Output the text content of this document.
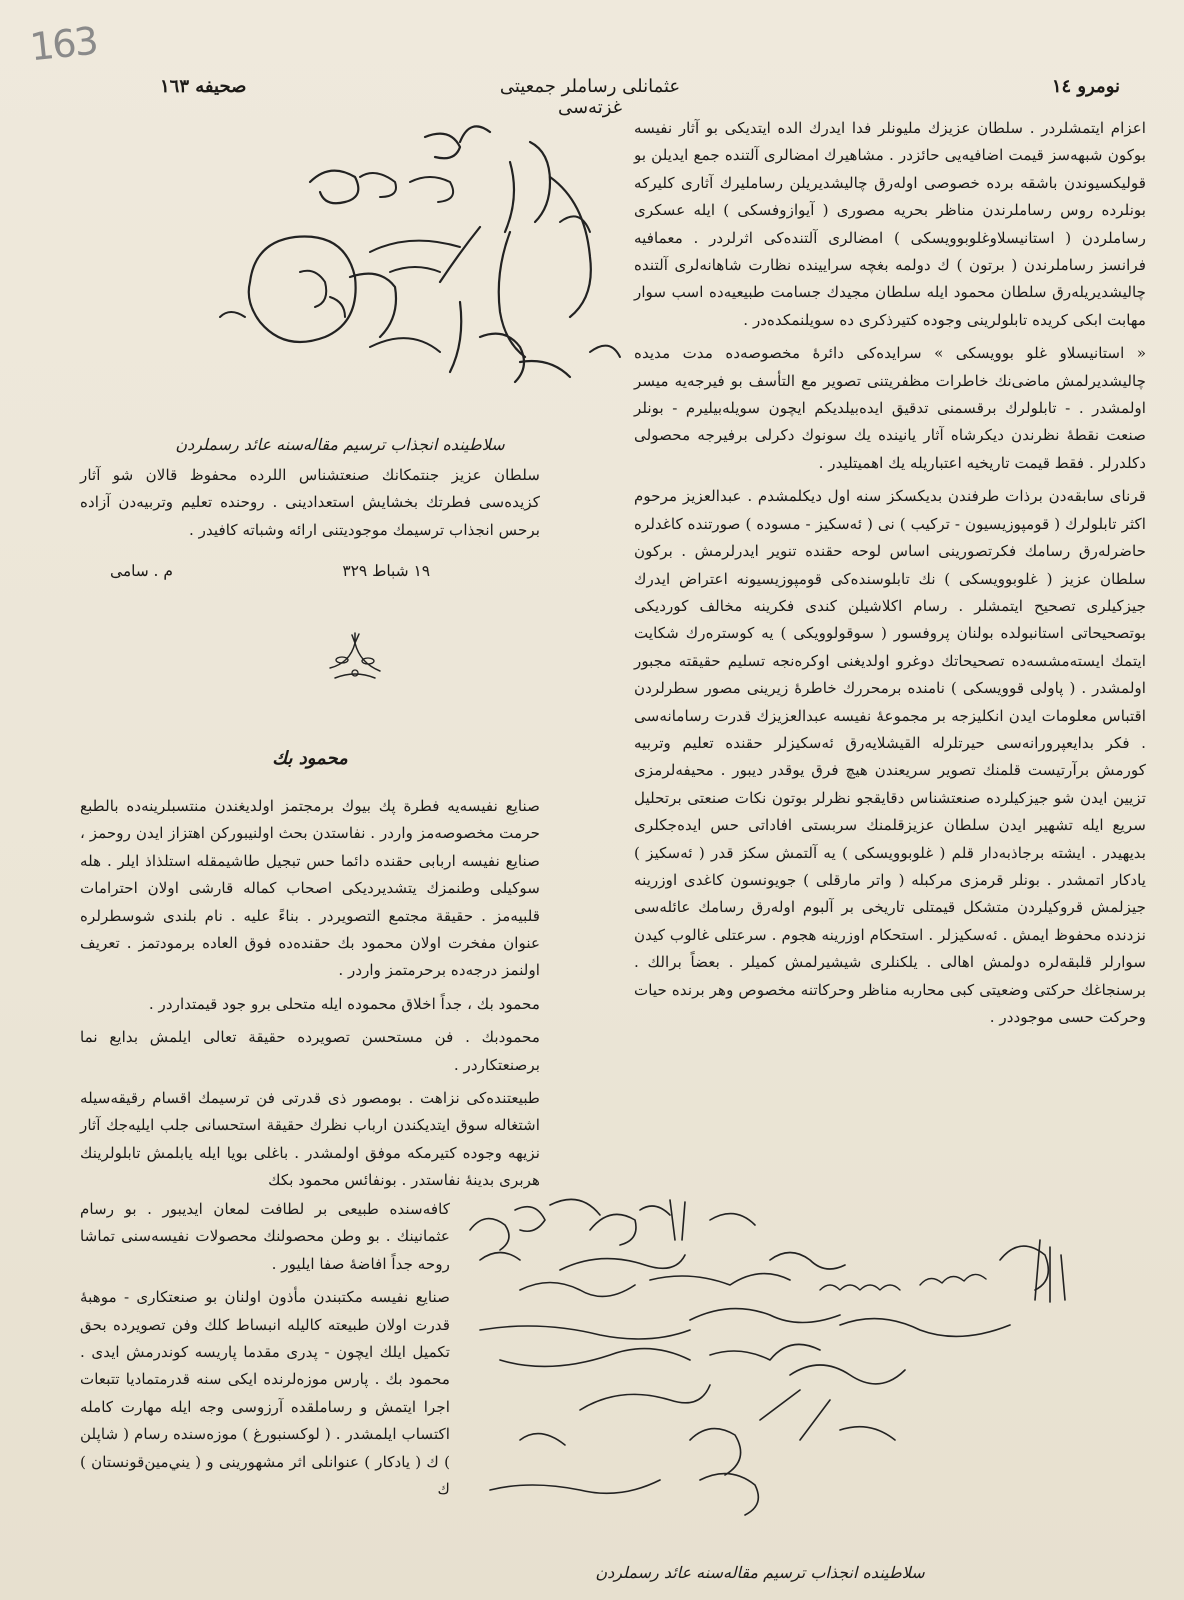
163
نومرو ١٤
عثمانلى رساملر جمعيتى غزته‌سى
صحيفه ١٦٣
سلاطينده انجذاب ترسيم مقاله‌سنه عائد رسملردن

سلطان عزيز جنتمكانك صنعتشناس اللرده محفوظ قالان شو آثار كزيده‌سى فطرتك بخشايش استعدادينى . روحنده تعليم وتربيه‌دن آزاده برحس انجذاب ترسيمك موجوديتنى ارائه وشباته كافيدر .

١٩ شباط ٣٢٩
م . سامى
محمود بك

صنايع نفيسه‌يه فطرة پك بيوك برمجتمز اولديغندن منتسبلرينه‌ده بالطبع حرمت مخصوصه‌مز واردر . نفاستدن بحث اولنيبوركن اهتزاز ايدن روحمز ، صنايع نفيسه اربابى حقنده دائما حس تبجيل طاشيمقله استلذاذ ايلر . هله سوكيلى وطنمزك يتشديرديكى اصحاب كماله قارشى اولان احترامات قلبيه‌مز . حقيقة مجتمع التصويردر . بناءً عليه . نام بلندى شوسطرلره عنوان مفخرت اولان محمود بك حقنده‌ده فوق العاده برمودتمز . تعريف اولنمز درجه‌ده برحرمتمز واردر .

محمود بك ، جداً اخلاق محموده ايله متحلى برو جود قيمتداردر .

محمودبك . فن مستحسن تصويرده حقيقة تعالى ايلمش بدايع نما برصنعتكاردر .

طبيعتنده‌كى نزاهت . بومصور ذى قدرتى فن ترسيمك اقسام رقيقه‌سيله اشتغاله سوق ايتديكندن ارباب نظرك حقيقة استحسانى جلب ايليه‌جك آثار نزيهه وجوده كتيرمكه موفق اولمشدر . باغلى بويا ايله يابلمش تابلولرينك هربرى بدينهٔ نفاستدر . بونفائس محمود بكك

كافه‌سنده طبيعى بر لطافت لمعان ايديبور . بو رسام عثمانينك . بو وطن محصولنك محصولات نفيسه‌سنى تماشا روحه جداً افاضهٔ صفا ايليور .

صنايع نفيسه مكتبندن مأذون اولنان بو صنعتكارى - موهبهٔ قدرت اولان طبيعته كاليله انبساط كلك وفن تصويرده بحق تكميل ايلك ايچون - پدرى مقدما پاريسه كوندرمش ايدى . محمود بك . پارس موزه‌لرنده ايكى سنه قدرمتماديا تتبعات اجرا ايتمش و رساملقده آرزوسى وجه ايله مهارت كامله اكتساب ايلمشدر . ( لوكسنبورغ ) موزه‌سنده رسام ( شاپلن ) ك ( يادكار ) عنوانلى اثر مشهورينى و ( يني‌مين‌قونستان ) ك

اعزام ايتمشلردر . سلطان عزيزك مليونلر فدا ايدرك الده ايتديكى بو آثار نفيسه بوكون شبهه‌سز قيمت اضافيه‌يى حائزدر . مشاهيرك امضالرى آلتنده جمع ايديلن بو قوليكسيوندن باشقه برده خصوصى اوله‌رق چاليشديريلن رسامليرك آثارى كليركه بونلرده روس رساملرندن مناظر بحريه مصورى ( آيوازوفسكى ) ايله عسكرى رساملردن ( استانيسلاوغلوبوويسكى ) امضالرى آلتنده‌كى اثرلردر . معمافيه فرانسز رساملرندن ( برتون ) ك دولمه بغچه سرايينده نظارت شاهانه‌لرى آلتنده چاليشديريله‌رق سلطان محمود ايله سلطان مجيدك جسامت طبيعيه‌ده اسب سوار مهابت ابكى كريده تابلولرينى وجوده كتيرذكرى ده سويلنمكده‌در .

« استانيسلاو غلو بوويسكى » سرايده‌كى دائرهٔ مخصوصه‌ده مدت مديده چاليشديرلمش ماضى‌نك خاطرات مظفريتنى تصوير مع التأسف بو فيرجه‌يه ميسر اولمشدر . - تابلولرك برقسمنى تدقيق ايده‌بيلديكم ايچون سويله‌بيليرم - بونلر صنعت نقطهٔ نظرندن ديكرشاه آثار يانينده يك سونوك دكرلى برفيرجه محصولى دكلدرلر . فقط قيمت تاريخيه اعتباريله يك اهميتليدر .

قرناى سابقه‌دن برذات طرفندن بديكسكز سنه اول ديكلمشدم . عبدالعزيز مرحوم اكثر تابلولرك ( قومپوزيسيون - تركيب ) نى ( ئه‌سكيز - مسوده ) صورتنده كاغدلره حاضرله‌رق رسامك فكرتصورينى اساس لوحه حقنده تنوير ايدرلرمش . بركون سلطان عزيز ( غلوبوويسكى ) نك تابلوسنده‌كى قومپوزيسيونه اعتراض ايدرك جيزكيلرى تصحيح ايتمشلر . رسام اكلاشيلن كندى فكرينه مخالف كورديكى بوتصحيحاتى استانبولده بولنان پروفسور ( سوقولوويكى ) يه كوستره‌رك شكايت ايتمك ايسته‌مشسه‌ده تصحيحاتك دوغرو اولديغنى اوكره‌نجه تسليم حقيقته مجبور اولمشدر . ( پاولى قوويسكى ) نامنده برمحررك خاطرهٔ زيرينى مصور سطرلردن اقتباس معلومات ايدن انكليزجه بر مجموعهٔ نفيسه عبدالعزيزك قدرت رسامانه‌سى . فكر بدايعپرورانه‌سى حيرتلرله القيشلايه‌رق ئه‌سكيزلر حقنده تعليم وتربيه كورمش برآرتيست قلمنك تصوير سريعندن هيچ فرق يوقدر ديبور . محيفه‌لرمزى تزيين ايدن شو جيزكيلرده صنعتشناس دقايقجو نظرلر بوتون نكات صنعتى برتحليل سريع ايله تشهير ايدن سلطان عزيزقلمنك سربستى افاداتى حس ايده‌جكلرى بديهيدر . ايشته برجاذبه‌دار قلم ( غلوبوويسكى ) يه آلتمش سكز قدر ( ئه‌سكيز ) يادكار اتمشدر . بونلر قرمزى مركبله ( واتر مارقلى ) جويونسون كاغدى اوزرينه جيزلمش قروكيلردن متشكل قيمتلى تاريخى بر آلبوم اوله‌رق رسامك عائله‌سى نزدنده محفوظ ايمش . ئه‌سكيزلر . استحكام اوزرينه هجوم . سرعتلى غالوب كيدن سوارلر قلبقه‌لره دولمش اهالى . يلكنلرى شيشيرلمش كميلر . بعضاً برالك . برسنجاغك حركتى وضعيتى كبى محاربه مناظر وحركاتنه مخصوص وهر برنده حيات وحركت حسى موجوددر .

سلاطينده انجذاب ترسيم مقاله‌سنه عائد رسملردن
